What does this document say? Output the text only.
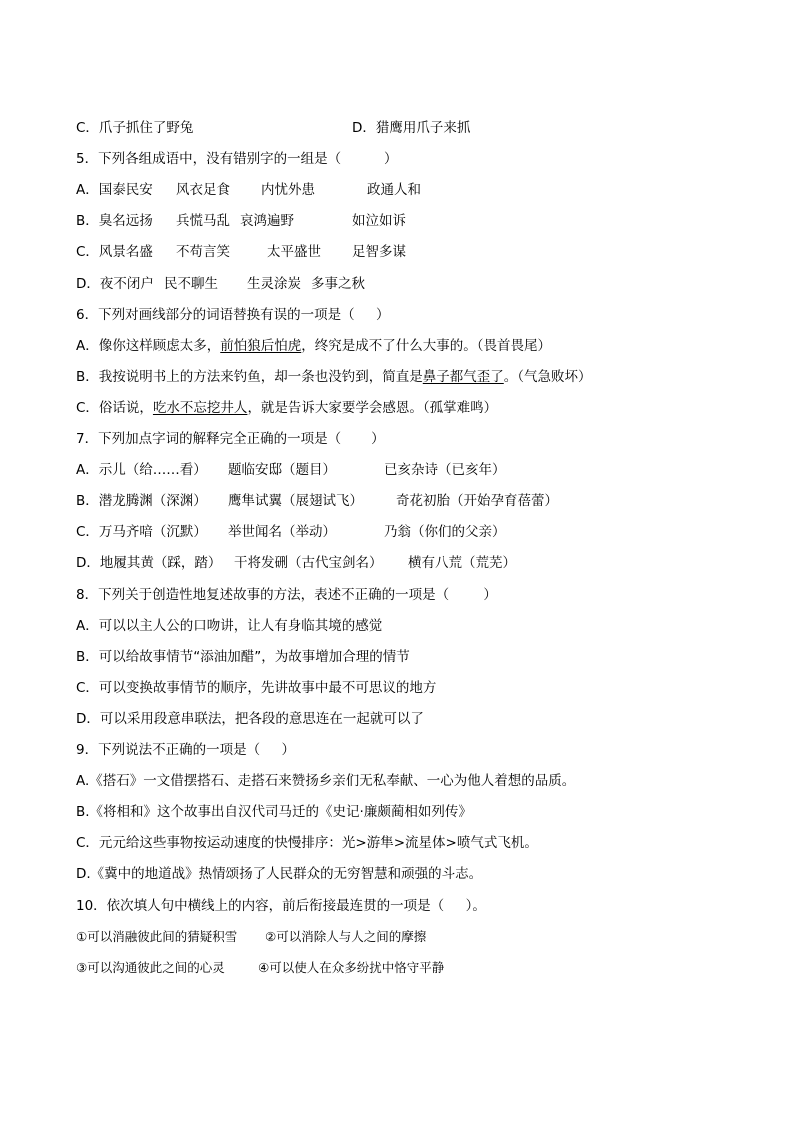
C．爪子抓住了野兔	D．猎鹰用爪子来抓
5．下列各组成语中，没有错别字的一组是（          ）
A．国泰民安 风衣足食 内忧外患	政通人和
B．臭名远扬 兵慌马乱 哀鸿遍野	如泣如诉
C．风景名盛 不苟言笑	太平盛世 足智多谋
D．夜不闭户 民不聊生 生灵涂炭 多事之秋
6．下列对画线部分的词语替换有误的一项是（     ）
A．像你这样顾虑太多，前怕狼后怕虎，终究是成不了什么大事的。（畏首畏尾）
B．我按说明书上的方法来钓鱼，却一条也没钓到，简直是鼻子都气歪了。（气急败坏）
C．俗话说，吃水不忘挖井人，就是告诉大家要学会感恩。（孤掌难鸣）
7．下列加点字词的解释完全正确的一项是（       ）
A．示儿（给……看） 题临安邸（题目）	已亥杂诗（已亥年）
B．潜龙腾渊（深渊） 鹰隼试翼（展翅试飞） 奇花初胎（开始孕育蓓蕾）
C．万马齐喑（沉默） 举世闻名（举动）	乃翁（你们的父亲）
D．地履其黄（踩，踏） 干将发硎（古代宝剑名） 横有八荒（荒芜）
8．下列关于创造性地复述故事的方法，表述不正确的一项是（        ）
A．可以以主人公的口吻讲，让人有身临其境的感觉
B．可以给故事情节“添油加醋”，为故事增加合理的情节
C．可以变换故事情节的顺序，先讲故事中最不可思议的地方
D．可以采用段意串联法，把各段的意思连在一起就可以了
9．下列说法不正确的一项是（     ）
A.《搭石》一文借摆搭石、走搭石来赞扬乡亲们无私奉献、一心为他人着想的品质。
B.《将相和》这个故事出自汉代司马迁的《史记·廉颇蔺相如列传》
C．元元给这些事物按运动速度的快慢排序：光>游隼>流星体>喷气式飞机。
D.《冀中的地道战》热情颂扬了人民群众的无穷智慧和顽强的斗志。
10．依次填人句中横线上的内容，前后衔接最连贯的一项是（     ）。
①可以消融彼此间的猜疑积雪 ②可以消除人与人之间的摩擦
③可以沟通彼此之间的心灵	④可以使人在众多纷扰中恪守平静
